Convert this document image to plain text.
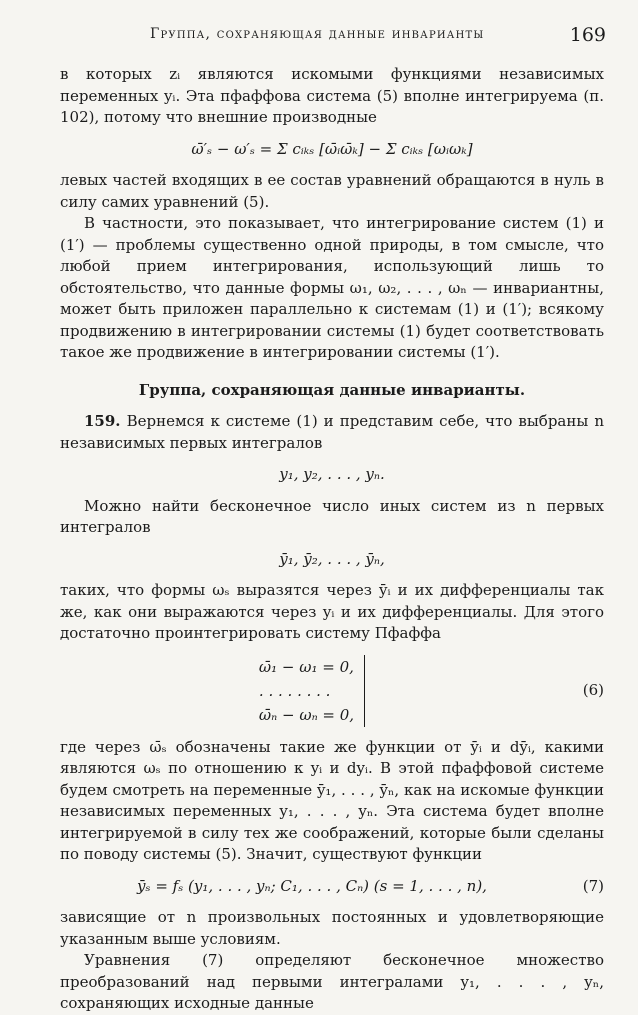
Группа, сохраняющая данные инварианты	169

в которых zᵢ являются искомыми функциями независимых переменных yᵢ. Эта пфаффова система (5) вполне интегрируема (п. 102), потому что внешние производные

ω̄′ₛ − ω′ₛ = Σ cᵢₖₛ [ω̄ᵢω̄ₖ] − Σ cᵢₖₛ [ωᵢωₖ]

левых частей входящих в ее состав уравнений обращаются в нуль в силу самих уравнений (5).

В частности, это показывает, что интегрирование систем (1) и (1′) — проблемы существенно одной природы, в том смысле, что любой прием интегрирования, использующий лишь то обстоятельство, что данные формы ω₁, ω₂, . . . , ωₙ — инвариантны, может быть приложен параллельно к системам (1) и (1′); всякому продвижению в интегрировании системы (1) будет соответствовать такое же продвижение в интегрировании системы (1′).

Группа, сохраняющая данные инварианты.

159. Вернемся к системе (1) и представим себе, что выбраны n независимых первых интегралов

y₁, y₂, . . . , yₙ.

Можно найти бесконечное число иных систем из n первых интегралов

ȳ₁, ȳ₂, . . . , ȳₙ,

таких, что формы ωₛ выразятся через ȳᵢ и их дифференциалы так же, как они выражаются через yᵢ и их дифференциалы. Для этого достаточно проинтегрировать систему Пфаффа

ω̄₁ − ω₁ = 0,
. . . . . . . .
ω̄ₙ − ωₙ = 0,
(6)

где через ω̄ₛ обозначены такие же функции от ȳᵢ и dȳᵢ, какими являются ωₛ по отношению к yᵢ и dyᵢ. В этой пфаффовой системе будем смотреть на переменные ȳ₁, . . . , ȳₙ, как на искомые функции независимых переменных y₁, . . . , yₙ. Эта система будет вполне интегрируемой в силу тех же соображений, которые были сделаны по поводу системы (5). Значит, существуют функции

ȳₛ = fₛ (y₁, . . . , yₙ; C₁, . . . , Cₙ) (s = 1, . . . , n),	(7)

зависящие от n произвольных постоянных и удовлетворяющие указанным выше условиям.

Уравнения (7) определяют бесконечное множество преобразований над первыми интегралами y₁, . . . , yₙ, сохраняющих исходные данные
